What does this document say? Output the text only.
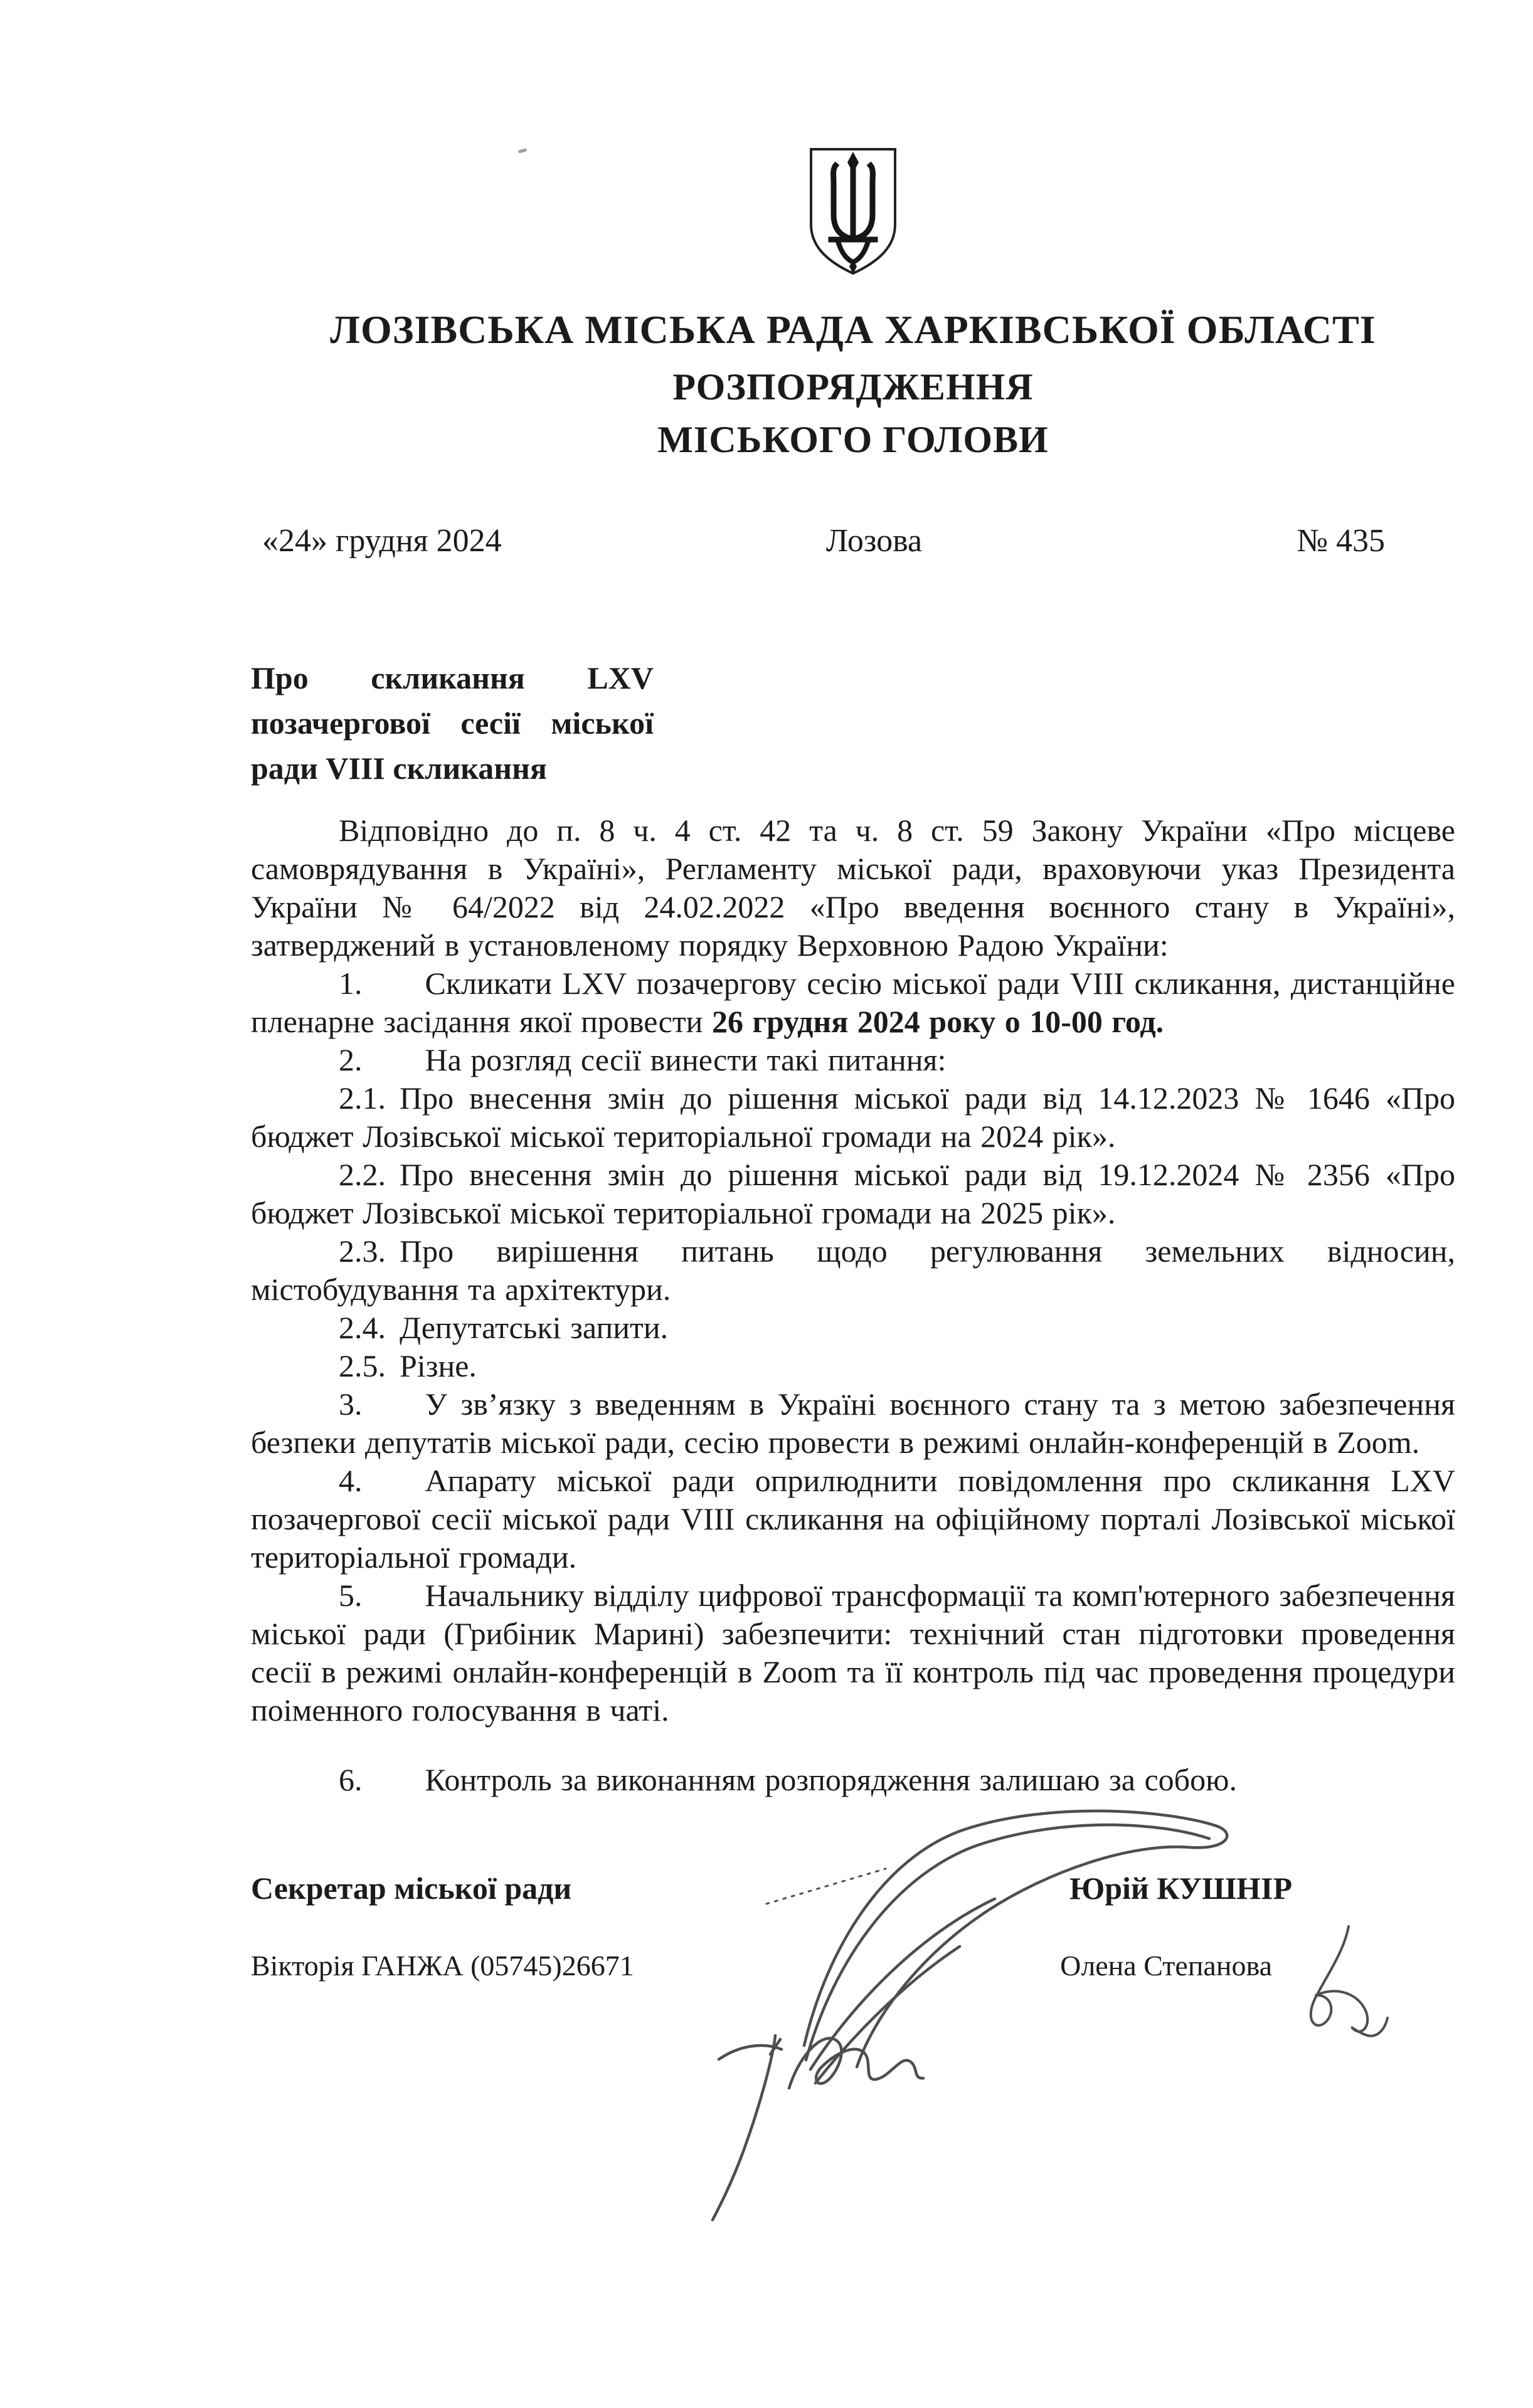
ЛОЗІВСЬКА МІСЬКА РАДА ХАРКІВСЬКОЇ ОБЛАСТІ
РОЗПОРЯДЖЕННЯ
МІСЬКОГО ГОЛОВИ
«24» грудня 2024	Лозова	№ 435
Про скликання LXV
позачергової сесії міської
ради VIII скликання

Відповідно до п. 8 ч. 4 ст. 42 та ч. 8 ст. 59 Закону України «Про місцеве самоврядування в Україні», Регламенту міської ради, враховуючи указ Президента України № 64/2022 від 24.02.2022 «Про введення воєнного стану в Україні», затверджений в установленому порядку Верховною Радою України:

1. Скликати LXV позачергову сесію міської ради VIII скликання, дистанційне пленарне засідання якої провести 26 грудня 2024 року о 10-00 год.

2. На розгляд сесії винести такі питання:

2.1. Про внесення змін до рішення міської ради від 14.12.2023 № 1646 «Про бюджет Лозівської міської територіальної громади на 2024 рік».

2.2. Про внесення змін до рішення міської ради від 19.12.2024 № 2356 «Про бюджет Лозівської міської територіальної громади на 2025 рік».

2.3. Про вирішення питань щодо регулювання земельних відносин, містобудування та архітектури.

2.4. Депутатські запити.

2.5. Різне.

3. У зв’язку з введенням в Україні воєнного стану та з метою забезпечення безпеки депутатів міської ради, сесію провести в режимі онлайн-конференцій в Zoom.

4. Апарату міської ради оприлюднити повідомлення про скликання LXV позачергової сесії міської ради VIII скликання на офіційному порталі Лозівської міської територіальної громади.

5. Начальнику відділу цифрової трансформації та комп'ютерного забезпечення міської ради (Грибіник Марині) забезпечити: технічний стан підготовки проведення сесії в режимі онлайн-конференцій в Zoom та її контроль під час проведення процедури поіменного голосування в чаті.

6. Контроль за виконанням розпорядження залишаю за собою.

Секретар міської ради	Юрій КУШНІР
Вікторія ГАНЖА (05745)26671	Олена Степанова
